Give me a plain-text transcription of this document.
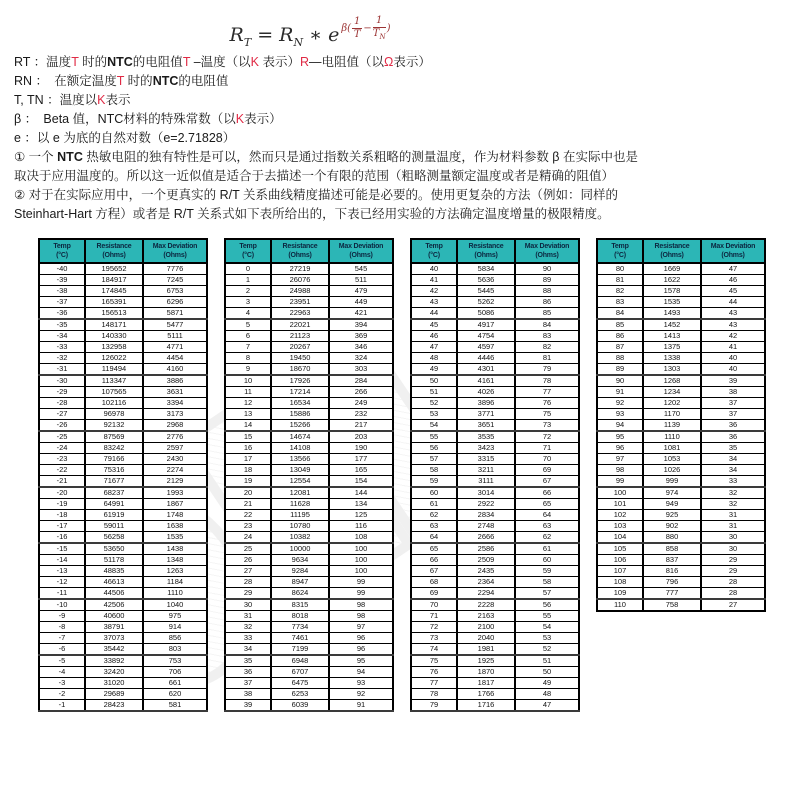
$R_T = R_N$ ∗ e $\beta( \frac{1}{T} - \frac{1}{T_N}$ )
RT ：温度T 时的NTC的电阻值T –温度（以K 表示）R—电阻值（以Ω表示）
RN ：　在额定温度T 时的NTC的电阻值
T, TN ：温度以K表示
β ：　Beta 值，NTC材料的特殊常数（以K表示）
e ：以 e 为底的自然对数（e=2.71828）
① 一个 NTC 热敏电阻的独有特性是可以，然而只是通过指数关系粗略的测量温度，作为材料参数 β 在实际中也是
取决于应用温度的。所以这一近似值是适合于去描述一个有限的范围（粗略测量额定温度或者是精确的阻值）
② 对于在实际应用中，一个更真实的 R/T 关系曲线精度描述可能是必要的。使用更复杂的方法（例如：同样的
Steinhart-Hart 方程）或者是 R/T 关系式如下表所给出的，下表已经用实验的方法确定温度增量的极限精度。
Temp
(°C)

Resistance
(Ohms)

Max Deviation
(Ohms)

-40	195652	7776
-39	184917	7245
-38	174845	6753
-37	165391	6296
-36	156513	5871
-35	148171	5477
-34	140330	5111
-33	132958	4771
-32	126022	4454
-31	119494	4160
-30	113347	3886
-29	107565	3631
-28	102116	3394
-27	96978	3173
-26	92132	2968
-25	87569	2776
-24	83242	2597
-23	79166	2430
-22	75316	2274
-21	71677	2129
-20	68237	1993
-19	64991	1867
-18	61919	1748
-17	59011	1638
-16	56258	1535
-15	53650	1438
-14	51178	1348
-13	48835	1263
-12	46613	1184
-11	44506	1110
-10	42506	1040
-9	40600	975
-8	38791	914
-7	37073	856
-6	35442	803
-5	33892	753
-4	32420	706
-3	31020	661
-2	29689	620
-1	28423	581
Temp
(°C)

Resistance
(Ohms)

Max Deviation
(Ohms)

0	27219	545
1	26076	511
2	24988	479
3	23951	449
4	22963	421
5	22021	394
6	21123	369
7	20267	346
8	19450	324
9	18670	303
10	17926	284
11	17214	266
12	16534	249
13	15886	232
14	15266	217
15	14674	203
16	14108	190
17	13566	177
18	13049	165
19	12554	154
20	12081	144
21	11628	134
22	11195	125
23	10780	116
24	10382	108
25	10000	100
26	9634	100
27	9284	100
28	8947	99
29	8624	99
30	8315	98
31	8018	98
32	7734	97
33	7461	96
34	7199	96
35	6948	95
36	6707	94
37	6475	93
38	6253	92
39	6039	91
Temp
(°C)

Resistance
(Ohms)

Max Deviation
(Ohms)

40	5834	90
41	5636	89
42	5445	88
43	5262	86
44	5086	85
45	4917	84
46	4754	83
47	4597	82
48	4446	81
49	4301	79
50	4161	78
51	4026	77
52	3896	76
53	3771	75
54	3651	73
55	3535	72
56	3423	71
57	3315	70
58	3211	69
59	3111	67
60	3014	66
61	2922	65
62	2834	64
63	2748	63
64	2666	62
65	2586	61
66	2509	60
67	2435	59
68	2364	58
69	2294	57
70	2228	56
71	2163	55
72	2100	54
73	2040	53
74	1981	52
75	1925	51
76	1870	50
77	1817	49
78	1766	48
79	1716	47
Temp
(°C)

Resistance
(Ohms)

Max Deviation
(Ohms)

80	1669	47
81	1622	46
82	1578	45
83	1535	44
84	1493	43
85	1452	43
86	1413	42
87	1375	41
88	1338	40
89	1303	40
90	1268	39
91	1234	38
92	1202	37
93	1170	37
94	1139	36
95	1110	36
96	1081	35
97	1053	34
98	1026	34
99	999	33
100	974	32
101	949	32
102	925	31
103	902	31
104	880	30
105	858	30
106	837	29
107	816	29
108	796	28
109	777	28
110	758	27
